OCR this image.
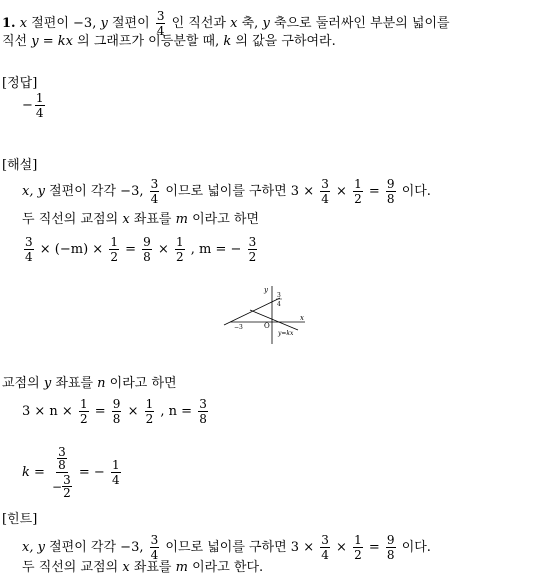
1. x 절편이 −3, y 절편이 $\frac{3}{4}$ 인 직선과 x 축, y 축으로 둘러싸인 부분의 넓이를
직선 y = kx 의 그래프가 이등분할 때, k 의 값을 구하여라.
[정답]
− $\frac{1}{4}$
[해설]
x, y 절편이 각각 −3, $\frac{3}{4}$ 이므로 넓이를 구하면 $3 \times \frac{3}{4} \times \frac{1}{2} = \frac{9}{8}$ 이다.
두 직선의 교점의 x 좌표를 m 이라고 하면
$\frac{3}{4} \times (-m) \times \frac{1}{2} = \frac{9}{8} \times \frac{1}{2}$ , m = − $\frac{3}{2}$
y
3
4
O
x
−3
y=kx
교점의 y 좌표를 n 이라고 하면
$3 \times n \times \frac{1}{2} = \frac{9}{8} \times \frac{1}{2}$ , $n = \frac{3}{8}$
k = 3
8
− $\frac{3}{2}$ = − $\frac{1}{4}$
[힌트]
x, y 절편이 각각 −3, $\frac{3}{4}$ 이므로 넓이를 구하면 $3 \times \frac{3}{4} \times \frac{1}{2} = \frac{9}{8}$ 이다.
두 직선의 교점의 x 좌표를 m 이라고 한다.
